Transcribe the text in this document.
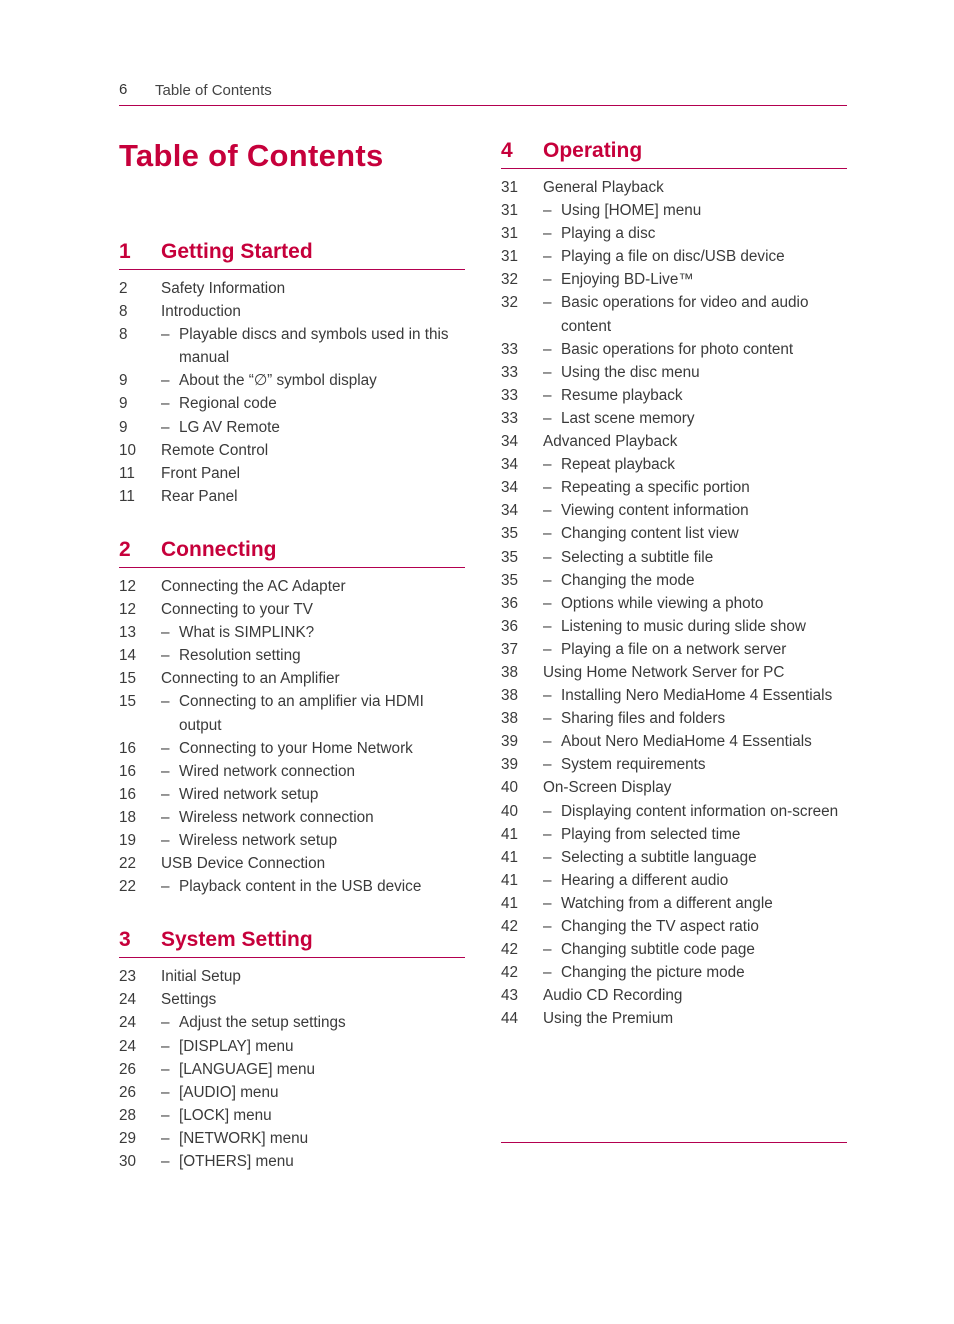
6 Table of Contents
Table of Contents
1 Getting Started
2	Safety Information
8	Introduction
8	– Playable discs and symbols used in this manual
9	– About the “∅” symbol display
9	– Regional code
9	– LG AV Remote
10	Remote Control
11	Front Panel
11	Rear Panel
2 Connecting
12	Connecting the AC Adapter
12	Connecting to your TV
13	– What is SIMPLINK?
14	– Resolution setting
15	Connecting to an Amplifier
15	– Connecting to an amplifier via HDMI output
16	– Connecting to your Home Network
16	– Wired network connection
16	– Wired network setup
18	– Wireless network connection
19	– Wireless network setup
22	USB Device Connection
22	– Playback content in the USB device
3 System Setting
23	Initial Setup
24	Settings
24	– Adjust the setup settings
24	– [DISPLAY] menu
26	– [LANGUAGE] menu
26	– [AUDIO] menu
28	– [LOCK] menu
29	– [NETWORK] menu
30	– [OTHERS] menu
4 Operating
31	General Playback
31	– Using [HOME] menu
31	– Playing a disc
31	– Playing a file on disc/USB device
32	– Enjoying BD-Live™
32	– Basic operations for video and audio content
33	– Basic operations for photo content
33	– Using the disc menu
33	– Resume playback
33	– Last scene memory
34	Advanced Playback
34	– Repeat playback
34	– Repeating a specific portion
34	– Viewing content information
35	– Changing content list view
35	– Selecting a subtitle file
35	– Changing the mode
36	– Options while viewing a photo
36	– Listening to music during slide show
37	– Playing a file on a network server
38	Using Home Network Server for PC
38	– Installing Nero MediaHome 4 Essentials
38	– Sharing files and folders
39	– About Nero MediaHome 4 Essentials
39	– System requirements
40	On-Screen Display
40	– Displaying content information on-screen
41	– Playing from selected time
41	– Selecting a subtitle language
41	– Hearing a different audio
41	– Watching from a different angle
42	– Changing the TV aspect ratio
42	– Changing subtitle code page
42	– Changing the picture mode
43	Audio CD Recording
44	Using the Premium
